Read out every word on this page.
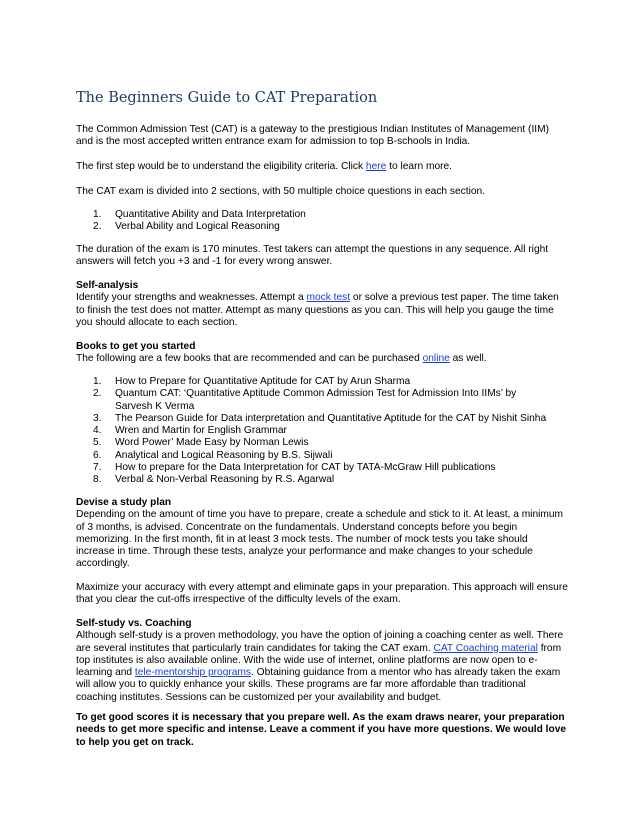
The Beginners Guide to CAT Preparation

The Common Admission Test (CAT) is a gateway to the prestigious Indian Institutes of Management (IIM) and is the most accepted written entrance exam for admission to top B-schools in India.

The first step would be to understand the eligibility criteria. Click here to learn more.

The CAT exam is divided into 2 sections, with 50 multiple choice questions in each section.

1. Quantitative Ability and Data Interpretation
2. Verbal Ability and Logical Reasoning

The duration of the exam is 170 minutes. Test takers can attempt the questions in any sequence. All right answers will fetch you +3 and -1 for every wrong answer.

Self-analysis
Identify your strengths and weaknesses. Attempt a mock test or solve a previous test paper. The time taken to finish the test does not matter. Attempt as many questions as you can. This will help you gauge the time you should allocate to each section.
Books to get you started
The following are a few books that are recommended and can be purchased online as well.
1. How to Prepare for Quantitative Aptitude for CAT by Arun Sharma
2. Quantum CAT: ‘Quantitative Aptitude Common Admission Test for Admission Into IIMs’ by Sarvesh K Verma
3. The Pearson Guide for Data interpretation and Quantitative Aptitude for the CAT by Nishit Sinha
4. Wren and Martin for English Grammar
5. Word Power’ Made Easy by Norman Lewis
6. Analytical and Logical Reasoning by B.S. Sijwali
7. How to prepare for the Data Interpretation for CAT by TATA-McGraw Hill publications
8. Verbal & Non-Verbal Reasoning by R.S. Agarwal
Devise a study plan
Depending on the amount of time you have to prepare, create a schedule and stick to it. At least, a minimum of 3 months, is advised. Concentrate on the fundamentals. Understand concepts before you begin memorizing. In the first month, fit in at least 3 mock tests. The number of mock tests you take should increase in time. Through these tests, analyze your performance and make changes to your schedule accordingly.

Maximize your accuracy with every attempt and eliminate gaps in your preparation. This approach will ensure that you clear the cut-offs irrespective of the difficulty levels of the exam.

Self-study vs. Coaching
Although self-study is a proven methodology, you have the option of joining a coaching center as well. There are several institutes that particularly train candidates for taking the CAT exam. CAT Coaching material from top institutes is also available online. With the wide use of internet, online platforms are now open to e-learning and tele-mentorship programs. Obtaining guidance from a mentor who has already taken the exam will allow you to quickly enhance your skills. These programs are far more affordable than traditional coaching institutes. Sessions can be customized per your availability and budget.

To get good scores it is necessary that you prepare well. As the exam draws nearer, your preparation needs to get more specific and intense. Leave a comment if you have more questions. We would love to help you get on track.
